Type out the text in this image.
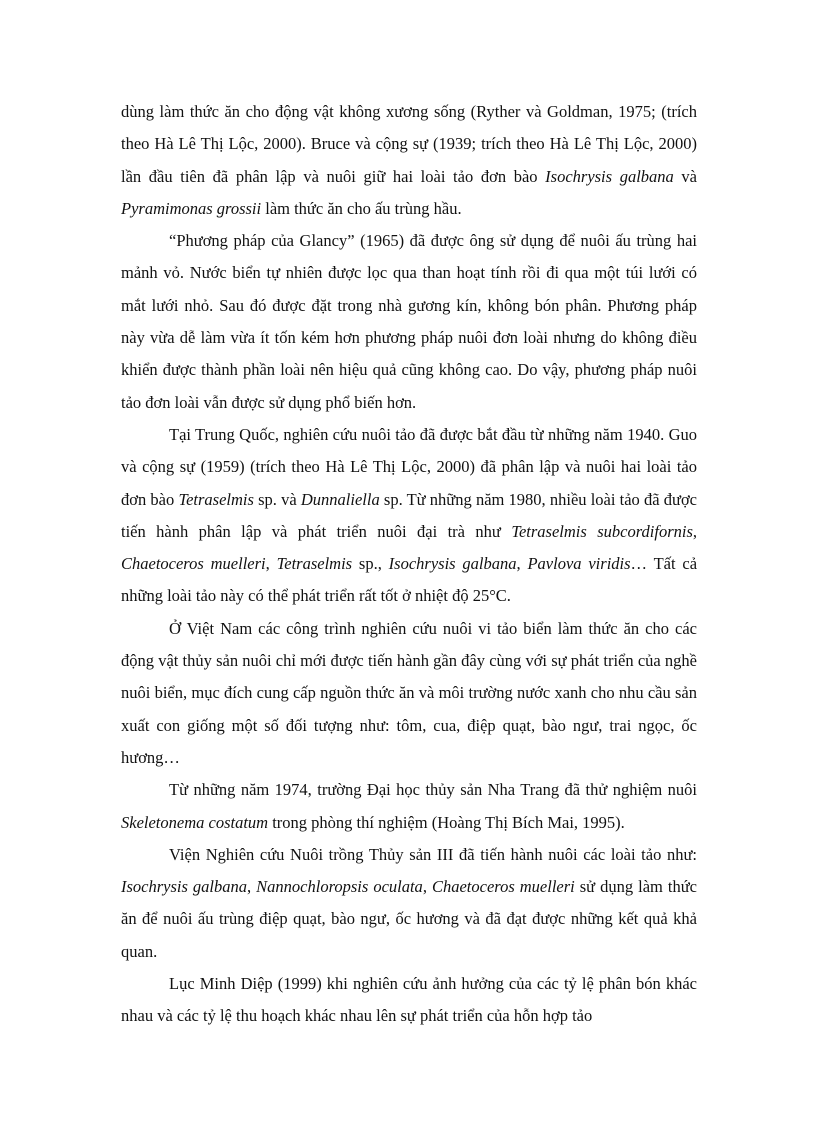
dùng làm thức ăn cho động vật không xương sống (Ryther và Goldman, 1975; (trích theo Hà Lê Thị Lộc, 2000). Bruce và cộng sự (1939; trích theo Hà Lê Thị Lộc, 2000) lần đầu tiên đã phân lập và nuôi giữ hai loài tảo đơn bào Isochrysis galbana và Pyramimonas grossii làm thức ăn cho ấu trùng hầu.

“Phương pháp của Glancy” (1965) đã được ông sử dụng để nuôi ấu trùng hai mảnh vỏ. Nước biển tự nhiên được lọc qua than hoạt tính rồi đi qua một túi lưới có mắt lưới nhỏ. Sau đó được đặt trong nhà gương kín, không bón phân. Phương pháp này vừa dễ làm vừa ít tốn kém hơn phương pháp nuôi đơn loài nhưng do không điều khiển được thành phần loài nên hiệu quả cũng không cao. Do vậy, phương pháp nuôi tảo đơn loài vẫn được sử dụng phổ biến hơn.

Tại Trung Quốc, nghiên cứu nuôi tảo đã được bắt đầu từ những năm 1940. Guo và cộng sự (1959) (trích theo Hà Lê Thị Lộc, 2000) đã phân lập và nuôi hai loài tảo đơn bào Tetraselmis sp. và Dunnaliella sp. Từ những năm 1980, nhiều loài tảo đã được tiến hành phân lập và phát triển nuôi đại trà như Tetraselmis subcordifornis, Chaetoceros muelleri, Tetraselmis sp., Isochrysis galbana, Pavlova viridis… Tất cả những loài tảo này có thể phát triển rất tốt ở nhiệt độ 25°C.

Ở Việt Nam các công trình nghiên cứu nuôi vi tảo biển làm thức ăn cho các động vật thủy sản nuôi chỉ mới được tiến hành gần đây cùng với sự phát triển của nghề nuôi biển, mục đích cung cấp nguồn thức ăn và môi trường nước xanh cho nhu cầu sản xuất con giống một số đối tượng như: tôm, cua, điệp quạt, bào ngư, trai ngọc, ốc hương…

Từ những năm 1974, trường Đại học thủy sản Nha Trang đã thử nghiệm nuôi Skeletonema costatum trong phòng thí nghiệm (Hoàng Thị Bích Mai, 1995).

Viện Nghiên cứu Nuôi trồng Thủy sản III đã tiến hành nuôi các loài tảo như: Isochrysis galbana, Nannochloropsis oculata, Chaetoceros muelleri sử dụng làm thức ăn để nuôi ấu trùng điệp quạt, bào ngư, ốc hương và đã đạt được những kết quả khả quan.

Lục Minh Diệp (1999) khi nghiên cứu ảnh hưởng của các tỷ lệ phân bón khác nhau và các tỷ lệ thu hoạch khác nhau lên sự phát triển của hỗn hợp tảo
